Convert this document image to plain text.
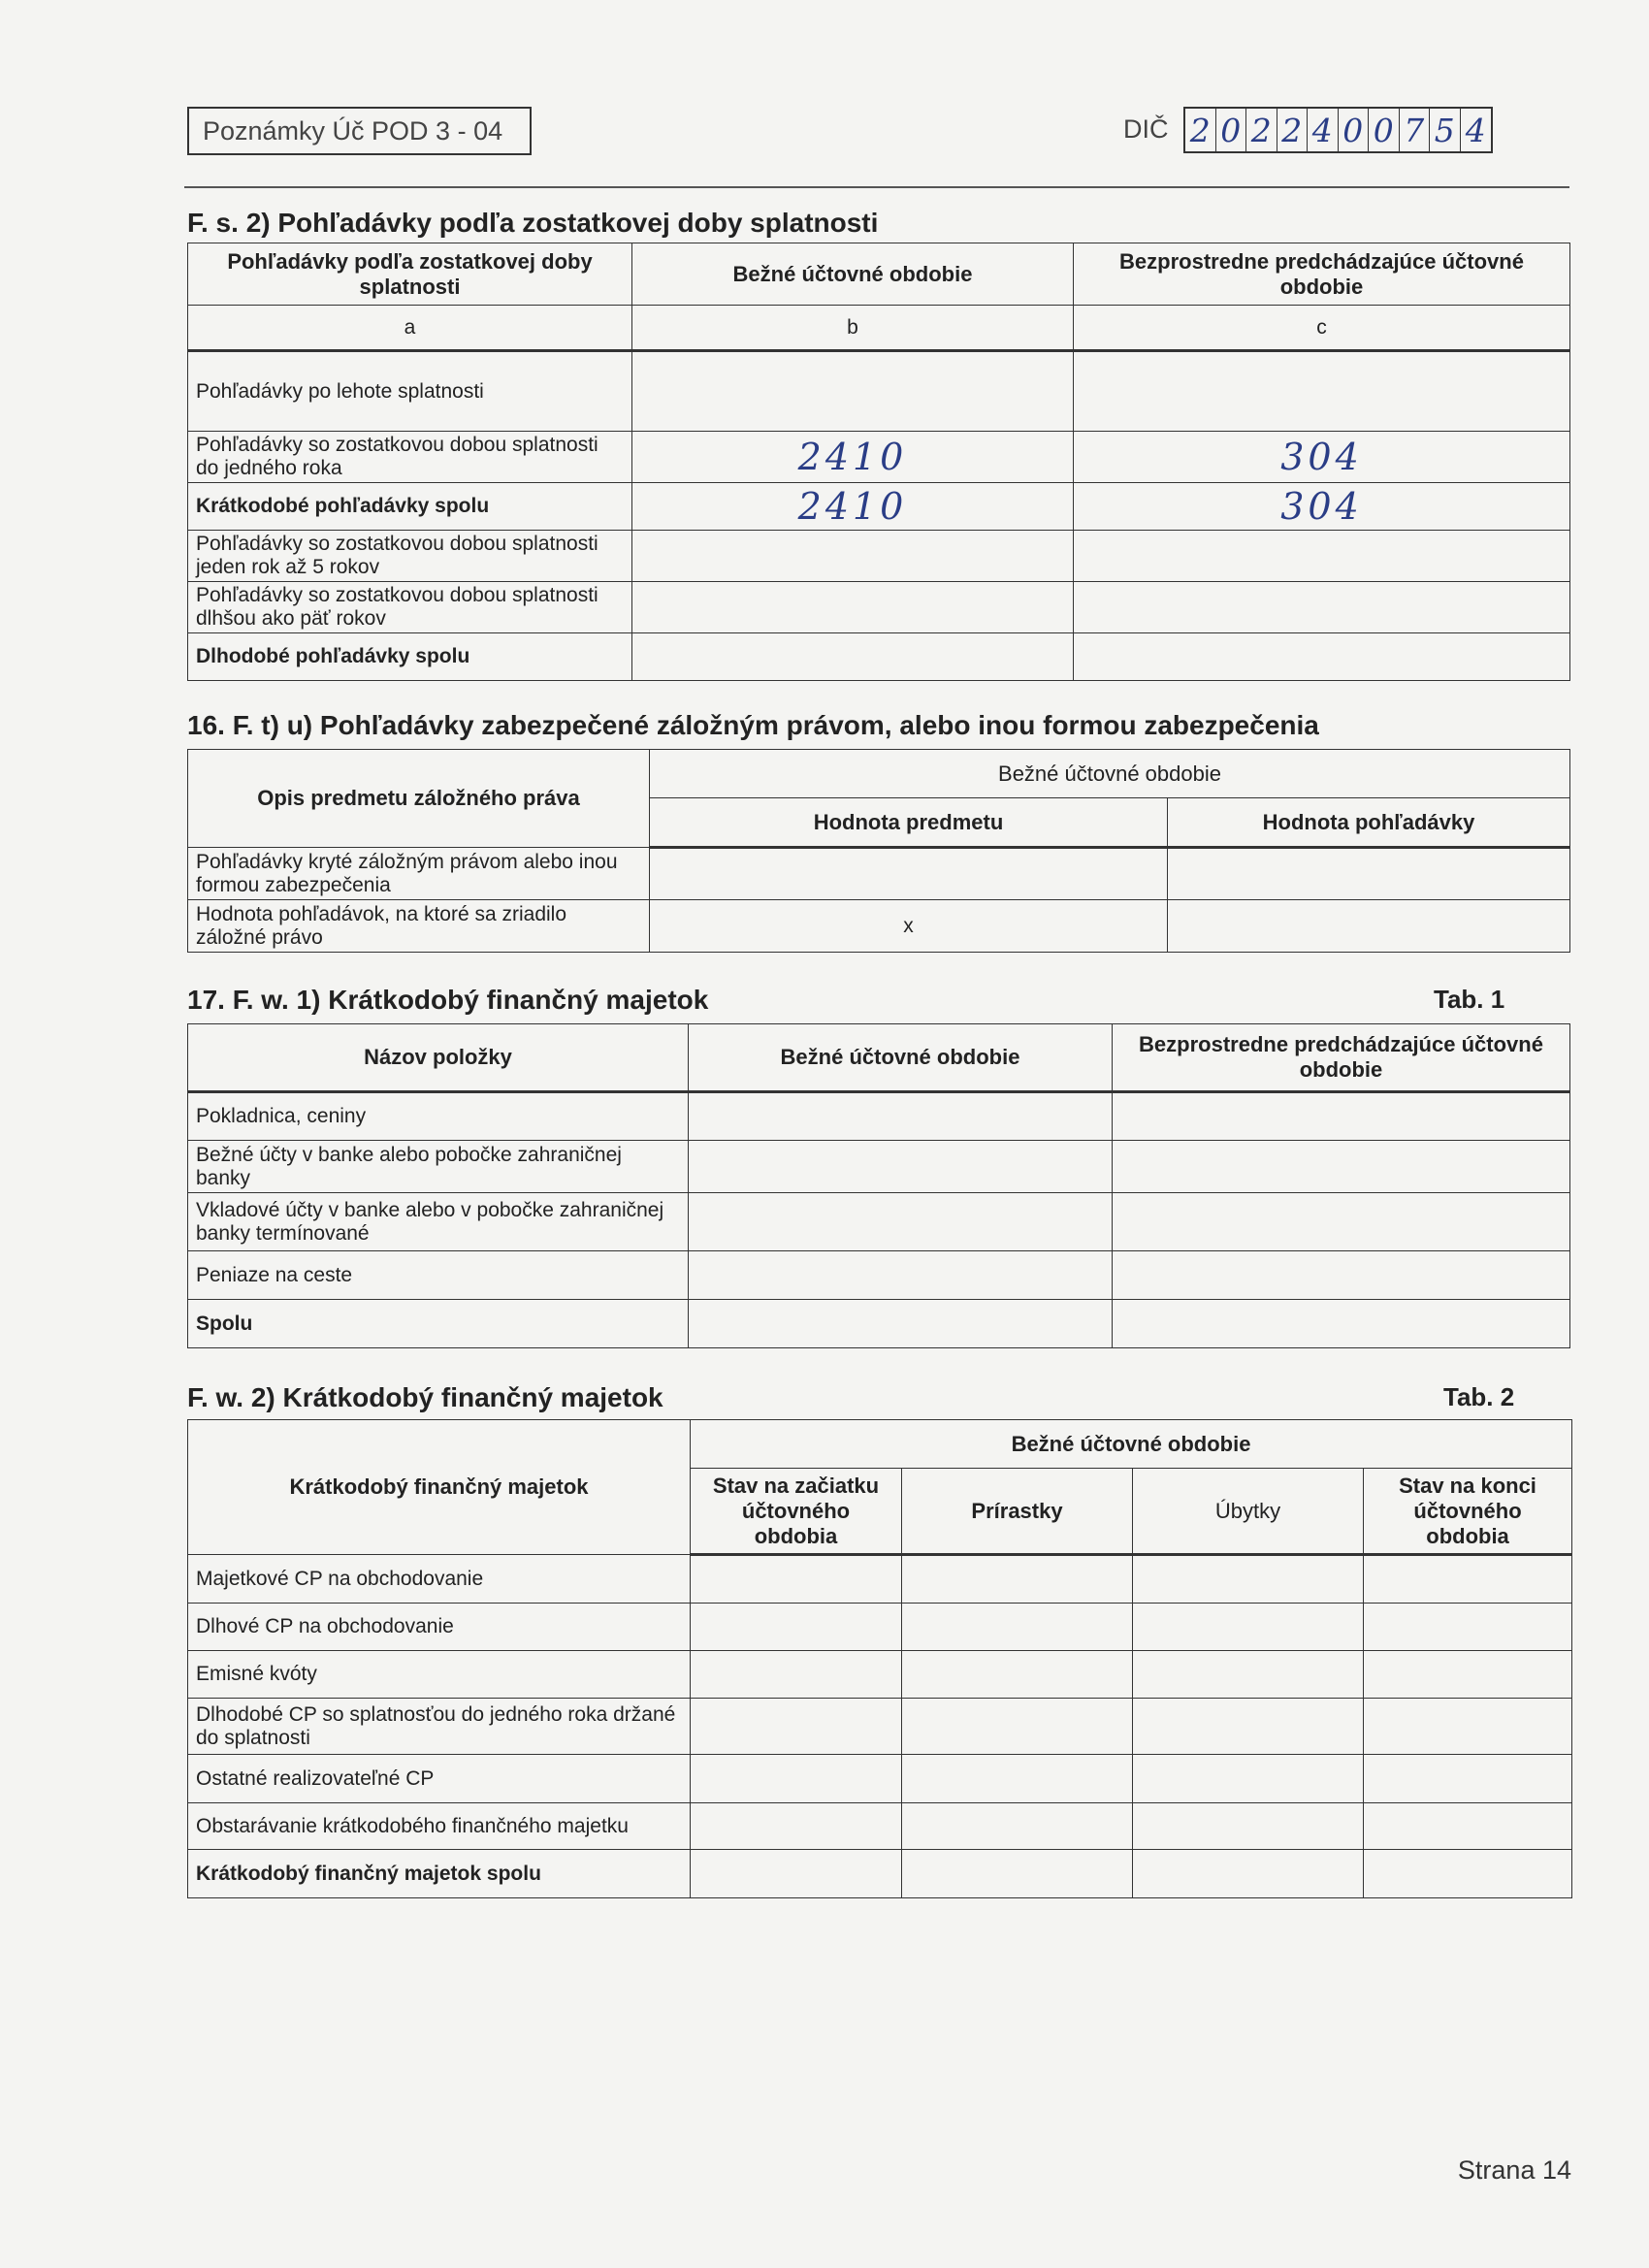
Poznámky Úč POD 3 - 04	DIČ 2 0 2 2 4 0 0 7 5 4
F. s. 2) Pohľadávky podľa zostatkovej doby splatnosti
Pohľadávky podľa zostatkovej doby splatnosti	Bežné účtovné obdobie	Bezprostredne predchádzajúce účtovné obdobie
a	b	c
Pohľadávky po lehote splatnosti		
Pohľadávky so zostatkovou dobou splatnosti do jedného roka	2410	304
Krátkodobé pohľadávky spolu	2410	304
Pohľadávky so zostatkovou dobou splatnosti jeden rok až 5 rokov		
Pohľadávky so zostatkovou dobou splatnosti dlhšou ako päť rokov		
Dlhodobé pohľadávky spolu		
16. F. t) u) Pohľadávky zabezpečené záložným právom, alebo inou formou zabezpečenia
Opis predmetu záložného práva	Bežné účtovné obdobie	
	Hodnota predmetu	Hodnota pohľadávky
Pohľadávky kryté záložným právom alebo inou formou zabezpečenia		
Hodnota pohľadávok, na ktoré sa zriadilo záložné právo	x	
17. F. w. 1) Krátkodobý finančný majetok	Tab. 1
Názov položky	Bežné účtovné obdobie	Bezprostredne predchádzajúce účtovné obdobie
Pokladnica, ceniny		
Bežné účty v banke alebo pobočke zahraničnej banky		
Vkladové účty v banke alebo v pobočke zahraničnej banky termínované		
Peniaze na ceste		
Spolu		
F. w. 2) Krátkodobý finančný majetok	Tab. 2
Krátkodobý finančný majetok	Bežné účtovné obdobie			
	Stav na začiatku účtovného obdobia	Prírastky	Úbytky	Stav na konci účtovného obdobia
Majetkové CP na obchodovanie				
Dlhové CP na obchodovanie				
Emisné kvóty				
Dlhodobé CP so splatnosťou do jedného roka držané do splatnosti				
Ostatné realizovateľné CP				
Obstarávanie krátkodobého finančného majetku				
Krátkodobý finančný majetok spolu				
Strana 14
